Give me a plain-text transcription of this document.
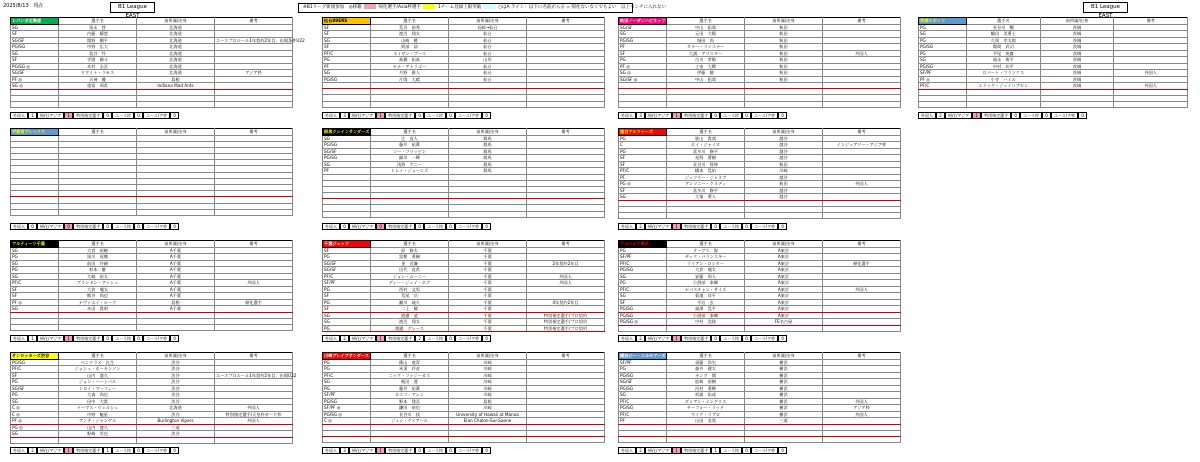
2025/8/13　現在	B1 League EAST
B1 League EAST
※B1リーグ新規参加　◎移籍	帰化選手/Asia枠選手	1チーム登録上限突破	○はA ライン：以下に名前が入る = 帰化ないなくでもよい　以上ベンチに入れない
レバンガ北海道	選手名	前所属/出身	備考
SG	冨永　啓	北海道	
SF	内藤　耀悠	北海道	
SG/SF	関野　剛平	北海道	ユースプロルール1年契約2年目、出場条件U22
PG/SG	中野　広大	北海道	
SG	島谷　怜	北海道	
SF	寺園　脩斗	北海道	
PG/SG ◎	木村　圭吾	北海道	
SG/SF	ドワイト・ラモス	北海道	アジア枠
PF ◎	天神　優	島根	
SG ◎	重冨　周希	Indiana Mad Ants	

外国人	1	帰化/アジア	1	特別指定選手	0	ユース枠	0	ユース/ア枠	0
仙台89ERS	選手名	前所属/出身	備考
SF	荒谷　裕秀	長崎→仙台	
SF	渡辺　翔太	仙台	
SG	山崎　稜	仙台	
SF	阿部　諒	仙台	
PF/C	ネイサン・ブース	仙台	
PG	髙橋　拓真	山形	
PF	セナ・アトラゴー	仙台	
SG	月野　雅人	仙台	
PG/SG	片岡　大晴	仙台	

外国人	3	帰化/アジア	1	特別指定選手	0	ユース枠	0	ユース/ア枠	0
秋田ノーザンハピネッツ	選手名	前所属/出身	備考
SG/SF	中山　拓哉	秋田	
SG	元田　大陽	秋田	
PG/SG	堀田　尚	秋田	
PF	タナー・ライスナー	秋田	
SF	大浦　アリスター	秋田	外国人
PG	古川　孝敏	秋田	
PF ◎	土家　大輝	秋田	
SG ◎	伊藤　駿	秋田	
SG/SF ◎	中山　拓哉	秋田	

外国人	3	帰化/アジア	1	特別指定選手	0	ユース枠	0	ユース/ア枠	0
茨城ロボッツ	選手名	前所属/出身	備考
PG	長谷川　暢	茨城	
SG	鶴田　美勇士	茨城	
PG	久岡　幸太郎	茨城	
PG/SG	陽岡　武司	茨城	
PG	平尾　充庸	茨城	
SG	福永　侑平	茨城	
PG/SG	中村　功平	茨城	
SF/PF	ロバート・フランクス	茨城	外国人
PF ◎	小寺　ハミル	茨城	
PF/C	エリック・ジェイコブセン	茨城	外国人

外国人	2	帰化/アジア	1	特別指定選手	0	ユース枠	0	ユース/ア枠	0
宇都宮ブレックス	選手名	前所属/出身	備考

外国人	0	帰化/アジア	0	特別指定選手	0	ユース枠	0	ユース/ア枠	0
群馬クレインサンダーズ	選手名	前所属/出身	備考
SG	辻　直人	群馬	
PG/SG	藤井　祐眞	群馬	
SG/SF	コー・フリッピン	群馬	
PG/SG	細川　一輝	群馬	
SG	浅野　ケニー	群馬	
PF	トレイ・ジョーンズ	群馬	

外国人	0	帰化/アジア	0	特別指定選手	0	ユース枠	0	ユース/ア枠	0
越谷アルファーズ	選手名	前所属/出身	備考
PG	笹山　貴哉	越谷	
C	ホイ・ジャイロ	越谷	インジュアリー・アジア枠
PG	喜多川　修平	越谷	
SF	星野　曹樹	越谷	
SF	長谷川　智伸	秋田	
PF/C	橋本　晃佑	川崎	
PF	ジェフリー・ジャネブ	越谷	
PG ◎	アンソニー・ケネディ	秋田	外国人
SF	喜多川　修平	越谷	
SG	大塚　勇人	越谷	

外国人	2	帰化/アジア	1	特別指定選手	0	ユース枠	0	ユース/ア枠	0
アルティーリ千葉	選手名	前所属/出身	備考
SG	大宮　裕暁	A千葉	
PG	黒川　虎徹	A千葉	
SG	前田　怜緒	A千葉	
PG	杉本　慶	A千葉	
SG	大崎　裕太	A千葉	
PF/C	ブランドン・アッシュ	A千葉	外国人
SF	大倉　颯太	A千葉	
SF	熊谷　尚也	A千葉	
PF ◎	ナヴァエイ・ルーク	島根	帰化選手
SG	木田　貴明	A千葉	

外国人	1	帰化/アジア	1	特別指定選手	0	ユース枠	0	ユース/ア枠	0
千葉ジェッツ	選手名	前所属/出身	備考
SF	原　修太	千葉	
PG	富樫　勇樹	千葉	
SG/SF	金　近廉	千葉	2年契約2年目
SG/SF	田代　直希	千葉	
PF/C	ジョン・ムーニー	千葉	外国人
SF/PF	ディー・ジェイ・ホグ	千葉	外国人
PG	西村　文男	千葉	
SF	荒尾　岳	千葉	
PG	瀬川　琉久	千葉	4年契約2年目
SF	二上　耀	千葉	
SG	渡邉　凌	千葉	特別指定選手/プロ契約
SG	渡辺　翔太	千葉	特別指定選手/プロ契約
PG	渡邉　グレース	千葉	特別指定選手/プロ契約
外国人	2	帰化/アジア	1	特別指定選手	2	ユース枠	0	ユース/ア枠	0
アルバルク東京	選手名	前所属/出身	備考
PG	テーブス　海	A東京	
SF/PF	ザック・バランスキー	A東京	
PF/C	ライアン・ロシター	A東京	帰化選手
PG/SG	大倉　颯太	A東京	
SG	安藤　周人	A東京	
PG	小酒部　泰暉	A東京	
PF/C	セバスチャン・サイズ	A東京	外国人
SG	菊地　祥平	A東京	
SF	平岩　玄	A東京	
PG/SG	福澤　晃平	A東京	
PG/SG	小酒部　泰暉	A東京	
PG/SG ◎	中村　浩陸	FE名古屋	

外国人	2	帰化/アジア	1	特別指定選手	0	ユース枠	0	ユース/ア枠	0
サンロッカーズ渋谷	選手名	前所属/出身	備考
PG/SG	ベンドラメ　礼生	渋谷	
PF/C	ジョシュ・ホーキンソン	渋谷	
SF	山内　盛久	渋谷	ユースプロルール1年契約2年目、出場U22
PG	ジョン・ハーシバル	渋谷	
SG/SF	トロイ・マーフィー	渋谷	
PG	大森　尚也	渋谷	
SG	田中　大貴	渋谷	
C ◎	トーマス・ウェルシュ	北海道	外国人
C ◎	中野　魁星	渋谷	特別指定選手/天皇杯ガード枠
PF ◎	アンテ・ジャンゲル	Burlington Vipers	外国人
PG ◎	山内　盛久	三遠	
SG	野崎　零也	渋谷	

外国人	2	帰化/アジア	1	特別指定選手	1	ユース枠	0	ユース/ア枠	0
川崎ブレイブサンダース	選手名	前所属/出身	備考
PG	篠山　竜青	川崎	
PG	米須　玲音	川崎	
PF/C	ニック・ファジーカス	川崎	
SG	飯田　遼	川崎	
PG	藤井　祐眞	川崎	
SF/PF	ロスコ・アレン	川崎	
PG/SG	野本　建吾	島根	
SF/PF ◎	鎌田　裕也	川崎	
PG/SG ◎	長谷川　技	University of Hawaii at Manoa	
C ◎	ジェシ・ケイアール	Elan Chalon-Sur-Saone	

外国人	3	帰化/アジア	1	特別指定選手	0	ユース枠	0	ユース/ア枠	0
横浜ビー・コルセアーズ	選手名	前所属/出身	備考
SF/PF	須藤　昂矢	横浜	
PG	森井　健太	横浜	
PG/SG	キング　開	横浜	
SG/SF	松崎　裕樹	横浜	
PG/SG	河村　勇輝	横浜	
SG	杉浦　佑成	横浜	
PF/C	ダミアン・イングリス	横浜	外国人
PG/SG	チーフォー・ラッド	横浜	アジア枠
PF/C	マイク・ラブロ	横浜	外国人
PF	山田　友哉	三遠	

外国人	2	帰化/アジア	1	特別指定選手	1	ユース枠	0	ユース/ア枠	0
